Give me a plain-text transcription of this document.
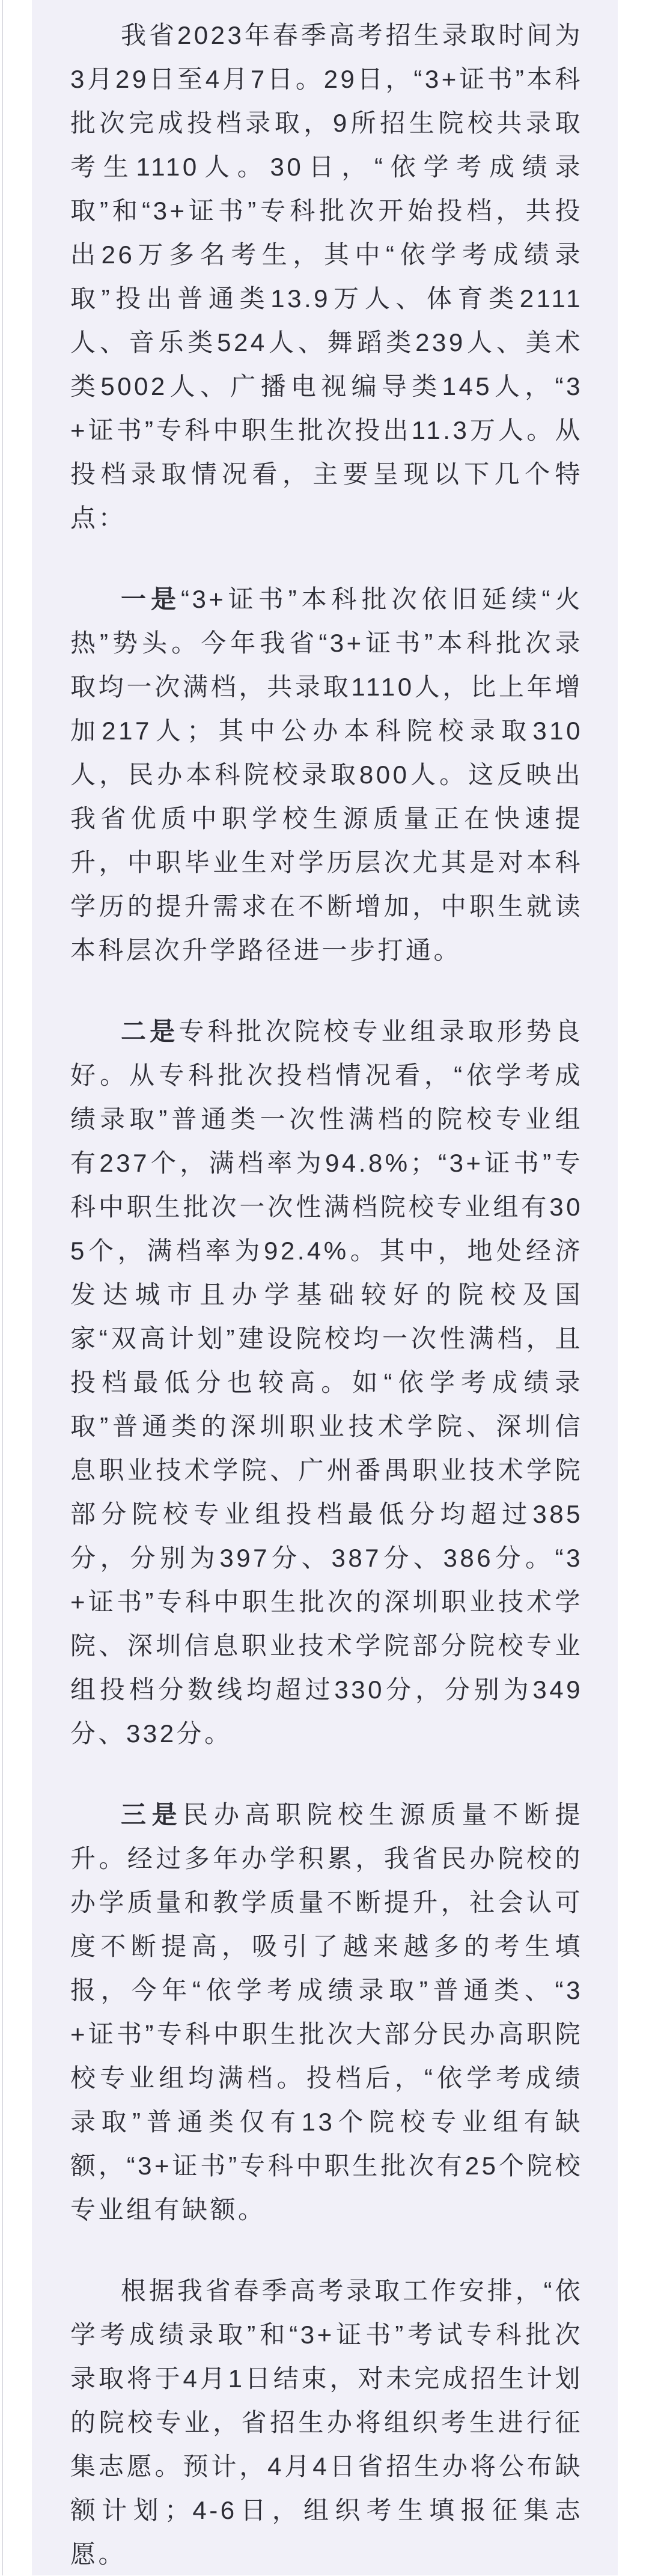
我省2023年春季高考招生录取时间为3月29日至4月7日。29日，“3+证书”本科批次完成投档录取，9所招生院校共录取考生1110人。30日，“依学考成绩录取”和“3+证书”专科批次开始投档，共投出26万多名考生，其中“依学考成绩录取”投出普通类13.9万人、体育类2111人、音乐类524人、舞蹈类239人、美术类5002人、广播电视编导类145人，“3+证书”专科中职生批次投出11.3万人。从投档录取情况看，主要呈现以下几个特点：

一是“3+证书”本科批次依旧延续“火热”势头。今年我省“3+证书”本科批次录取均一次满档，共录取1110人，比上年增加217人；其中公办本科院校录取310人，民办本科院校录取800人。这反映出我省优质中职学校生源质量正在快速提升，中职毕业生对学历层次尤其是对本科学历的提升需求在不断增加，中职生就读本科层次升学路径进一步打通。

二是专科批次院校专业组录取形势良好。从专科批次投档情况看，“依学考成绩录取”普通类一次性满档的院校专业组有237个，满档率为94.8%；“3+证书”专科中职生批次一次性满档院校专业组有305个，满档率为92.4%。其中，地处经济发达城市且办学基础较好的院校及国家“双高计划”建设院校均一次性满档，且投档最低分也较高。如“依学考成绩录取”普通类的深圳职业技术学院、深圳信息职业技术学院、广州番禺职业技术学院部分院校专业组投档最低分均超过385分，分别为397分、387分、386分。“3+证书”专科中职生批次的深圳职业技术学院、深圳信息职业技术学院部分院校专业组投档分数线均超过330分，分别为349分、332分。

三是民办高职院校生源质量不断提升。经过多年办学积累，我省民办院校的办学质量和教学质量不断提升，社会认可度不断提高，吸引了越来越多的考生填报，今年“依学考成绩录取”普通类、“3+证书”专科中职生批次大部分民办高职院校专业组均满档。投档后，“依学考成绩录取”普通类仅有13个院校专业组有缺额，“3+证书”专科中职生批次有25个院校专业组有缺额。

根据我省春季高考录取工作安排，“依学考成绩录取”和“3+证书”考试专科批次录取将于4月1日结束，对未完成招生计划的院校专业，省招生办将组织考生进行征集志愿。预计，4月4日省招生办将公布缺额计划；4-6日，组织考生填报征集志愿。
